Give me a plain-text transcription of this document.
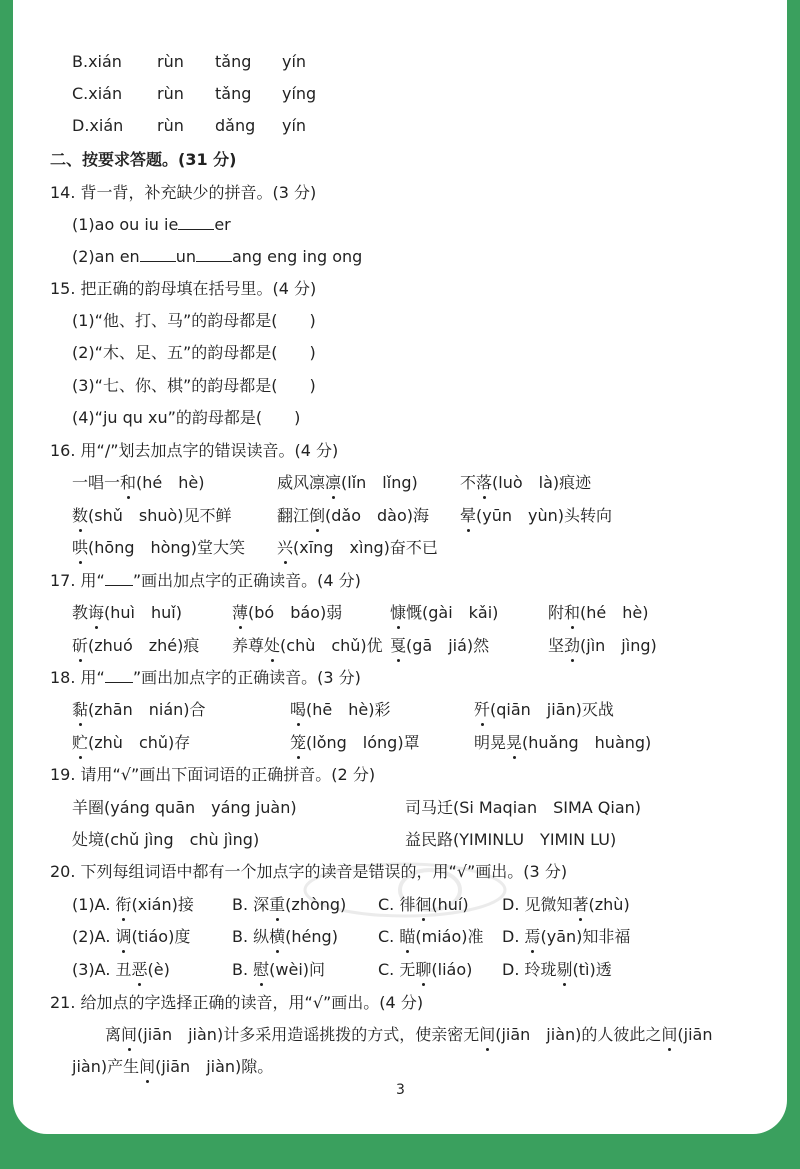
B.xián rùn tǎng yín
C.xián rùn tǎng yíng
D.xián rùn dǎng yín
二、按要求答题。(31 分)
14. 背一背，补充缺少的拼音。(3 分)
(1)ao ou iu ie er
(2)an en un ang eng ing ong
15. 把正确的韵母填在括号里。(4 分)
(1)“他、打、马”的韵母都是(　　)
(2)“木、足、五”的韵母都是(　　)
(3)“七、你、棋”的韵母都是(　　)
(4)“ju qu xu”的韵母都是(　　)
16. 用“/”划去加点字的错误读音。(4 分)
一唱一和(hé　hè)	威风凛凛(lǐn　lǐng)	不落(luò　là)痕迹
数(shǔ　shuò)见不鲜	翻江倒(dǎo　dào)海 晕(yūn　yùn)头转向
哄(hōng　hòng)堂大笑 兴(xīng　xìng)奋不已
17. 用“ ”画出加点字的正确读音。(4 分)
教诲(huì　huǐ)	薄(bó　báo)弱	慷慨(gài　kǎi)	附和(hé　hè)
斫(zhuó　zhé)痕 养尊处(chù　chǔ)优 戛(gā　jiá)然	坚劲(jìn　jìng)
18. 用“ ”画出加点字的正确读音。(3 分)
黏(zhān　nián)合	喝(hē　hè)彩	歼(qiān　jiān)灭战
贮(zhù　chǔ)存	笼(lǒng　lóng)罩	明晃晃(huǎng　huàng)
19. 请用“√”画出下面词语的正确拼音。(2 分)
羊圈(yáng quān　yáng juàn)	司马迁(Si Maqian　SIMA Qian)
处境(chǔ jìng　chù jìng)	益民路(YIMINLU　YIMIN LU)
20. 下列每组词语中都有一个加点字的读音是错误的，用“√”画出。(3 分)
(1)A. 衔(xián)接 B. 深重(zhòng) C. 徘徊(huí) D. 见微知著(zhù)
(2)A. 调(tiáo)度	B. 纵横(héng)	C. 瞄(miáo)准 D. 焉(yān)知非福
(3)A. 丑恶(è)	B. 慰(wèi)问	C. 无聊(liáo) D. 玲珑剔(tì)透
21. 给加点的字选择正确的读音，用“√”画出。(4 分)
离间(jiān　jiàn)计多采用造谣挑拨的方式，使亲密无间(jiān　jiàn)的人彼此之间(jiān
jiàn)产生间(jiān　jiàn)隙。
3
